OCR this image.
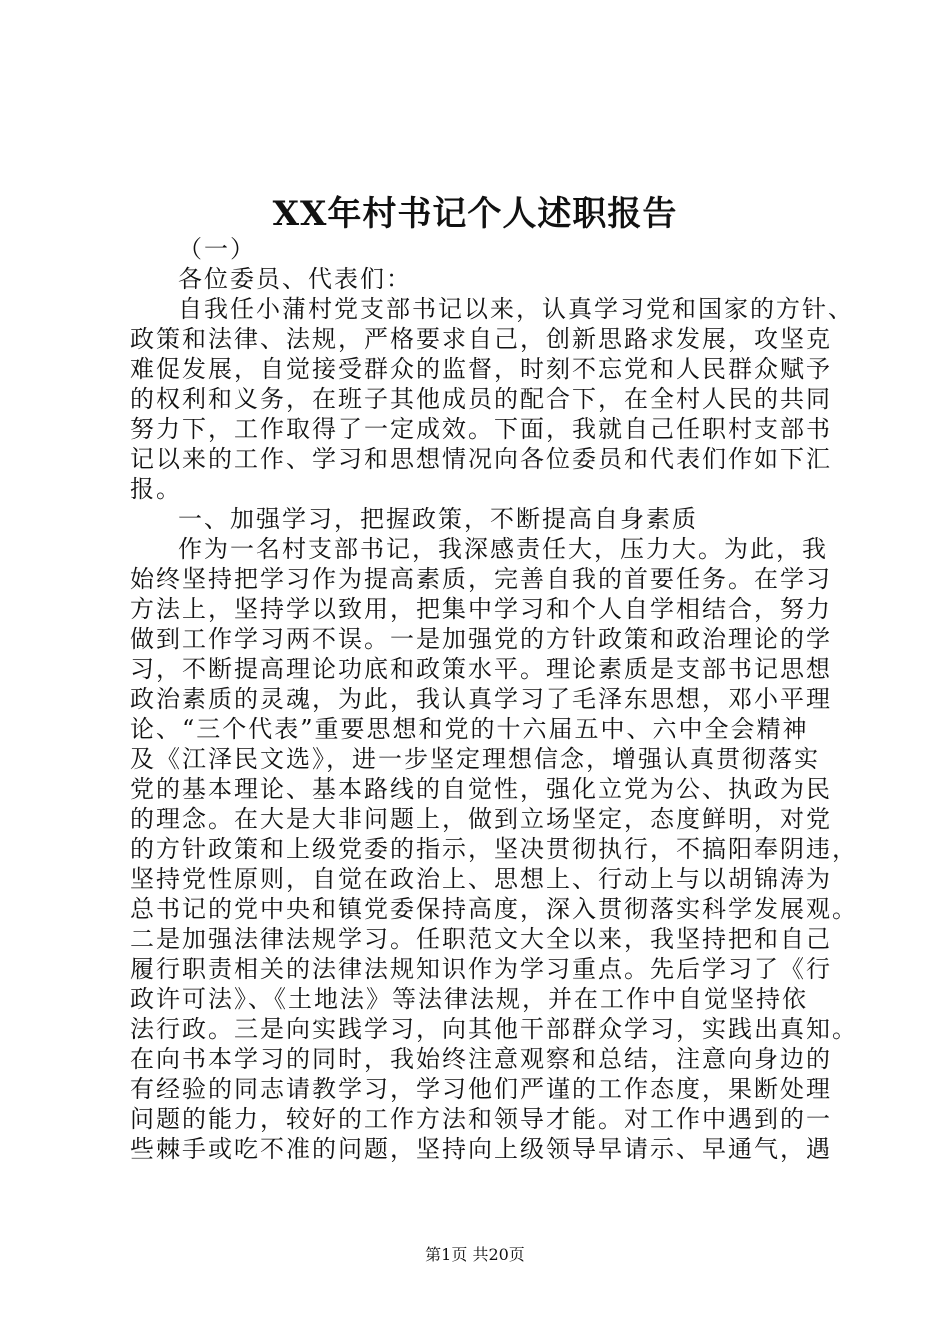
XX年村书记个人述职报告
（一）
各位委员、代表们：
自我任小蒲村党支部书记以来，认真学习党和国家的方针、
政策和法律、法规，严格要求自己，创新思路求发展，攻坚克
难促发展，自觉接受群众的监督，时刻不忘党和人民群众赋予
的权利和义务，在班子其他成员的配合下，在全村人民的共同
努力下，工作取得了一定成效。下面，我就自己任职村支部书
记以来的工作、学习和思想情况向各位委员和代表们作如下汇
报。
一、加强学习，把握政策，不断提高自身素质
作为一名村支部书记，我深感责任大，压力大。为此，我
始终坚持把学习作为提高素质，完善自我的首要任务。在学习
方法上，坚持学以致用，把集中学习和个人自学相结合，努力
做到工作学习两不误。一是加强党的方针政策和政治理论的学
习，不断提高理论功底和政策水平。理论素质是支部书记思想
政治素质的灵魂，为此，我认真学习了毛泽东思想，邓小平理
论、“三个代表”重要思想和党的十六届五中、六中全会精神
及《江泽民文选》，进一步坚定理想信念，增强认真贯彻落实
党的基本理论、基本路线的自觉性，强化立党为公、执政为民
的理念。在大是大非问题上，做到立场坚定，态度鲜明，对党
的方针政策和上级党委的指示，坚决贯彻执行，不搞阳奉阴违，
坚持党性原则，自觉在政治上、思想上、行动上与以胡锦涛为
总书记的党中央和镇党委保持高度，深入贯彻落实科学发展观。
二是加强法律法规学习。任职范文大全以来，我坚持把和自己
履行职责相关的法律法规知识作为学习重点。先后学习了《行
政许可法》、《土地法》等法律法规，并在工作中自觉坚持依
法行政。三是向实践学习，向其他干部群众学习，实践出真知。
在向书本学习的同时，我始终注意观察和总结，注意向身边的
有经验的同志请教学习，学习他们严谨的工作态度，果断处理
问题的能力，较好的工作方法和领导才能。对工作中遇到的一
些棘手或吃不准的问题，坚持向上级领导早请示、早通气，遇
第1页 共20页
